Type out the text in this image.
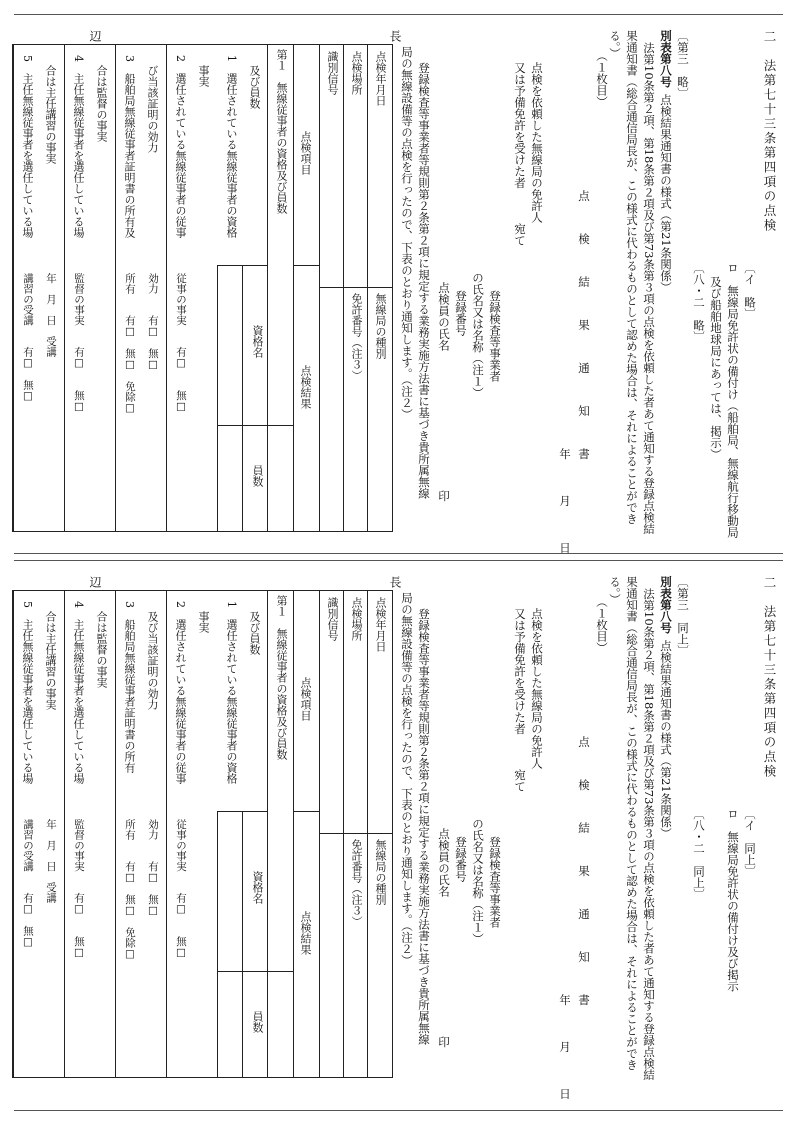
二　法第七十三条第四項の点検
〔イ　略〕
ロ　無線局免許状の備付け（船舶局、無線航行移動局
及び船舶地球局にあっては、掲示）
〔八・二　略〕
〔第三　略〕
別表第八号点検結果通知書の様式（第21条関係）
法第10条第２項、第18条第２項及び第73条第３項の点検を依頼した者あて通知する登録点検結
果通知書（総合通信局長が、この様式に代わるものとして認めた場合は、それによることができ
る。）
（１枚目）
点　検　結　果　通　知　書
年　月　日
点検を依頼した無線局の免許人
又は予備免許を受けた者　　　宛て
登録検査等事業者
の氏名又は名称（注１）
登録番号
点検員の氏名
印
登録検査等事業者等規則第２条第２項に規定する業務実施方法書に基づき貴所属無線
局の無線設備等の点検を行ったので、下表のとおり通知します。（注２）
点検年月日
点検場所
識別信号
無線局の種別
免許番号（注３）
点検項目
点検結果
第１　無線従事者の資格及び員数
資格名
員数
1
選任されている無線従事者の資格 及び員数
2
選任されている無線従事者の従事 事実
従事の事実　　有□　　無□
3
船舶局無線従事者証明書の所有及 び当該証明の効力
所有　　有□　無□　免除□ 効力　　有□　無□
4
主任無線従事者を選任している場 合は監督の事実
監督の事実　　有□　　無□
5
主任無線従事者を選任している場 合は主任講習の事実
講習の受講　　有□　無□ 年　月　日　受講
長
辺
二　法第七十三条第四項の点検
〔イ　同上〕
ロ　無線局免許状の備付け及び掲示
〔八・二　同上〕
〔第三　同上〕
別表第八号点検結果通知書の様式（第21条関係）
法第10条第２項、第18条第２項及び第73条第３項の点検を依頼した者あて通知する登録点検結
果通知書（総合通信局長が、この様式に代わるものとして認めた場合は、それによることができ
る。）
（１枚目）
点　検　結　果　通　知　書
年　月　日
点検を依頼した無線局の免許人
又は予備免許を受けた者　　　宛て
登録検査等事業者
の氏名又は名称（注１）
登録番号
点検員の氏名
印
登録検査等事業者等規則第２条第２項に規定する業務実施方法書に基づき貴所属無線
局の無線設備等の点検を行ったので、下表のとおり通知します。（注２）
点検年月日
点検場所
識別信号
無線局の種別
免許番号（注３）
点検項目
点検結果
第１　無線従事者の資格及び員数
資格名
員数
1
選任されている無線従事者の資格 及び員数
2
選任されている無線従事者の従事 事実
従事の事実　　有□　　無□
3
船舶局無線従事者証明書の所有 及び当該証明の効力
所有　　有□　無□　免除□ 効力　　有□　無□
4
主任無線従事者を選任している場 合は監督の事実
監督の事実　　有□　　無□
5
主任無線従事者を選任している場 合は主任講習の事実
講習の受講　　有□　無□ 年　月　日　受講
長
辺
